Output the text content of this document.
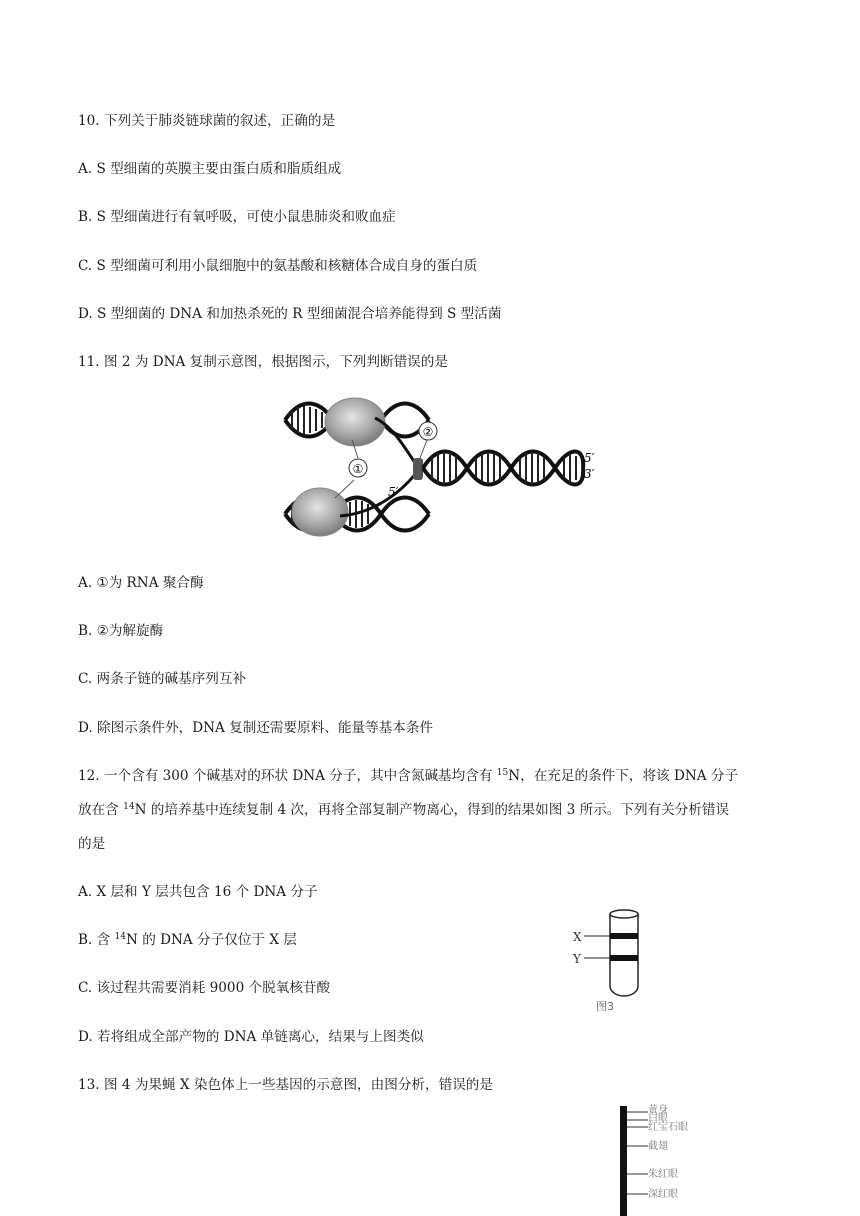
10. 下列关于肺炎链球菌的叙述，正确的是

A. S 型细菌的英膜主要由蛋白质和脂质组成

B. S 型细菌进行有氧呼吸，可使小鼠患肺炎和败血症

C. S 型细菌可利用小鼠细胞中的氨基酸和核糖体合成自身的蛋白质

D. S 型细菌的 DNA 和加热杀死的 R 型细菌混合培养能得到 S 型活菌

11. 图 2 为 DNA 复制示意图，根据图示，下列判断错误的是

①
②
5′
3′
5′

A. ①为 RNA 聚合酶

B. ②为解旋酶

C. 两条子链的碱基序列互补

D. 除图示条件外，DNA 复制还需要原料、能量等基本条件

12. 一个含有 300 个碱基对的环状 DNA 分子，其中含氮碱基均含有 $^{15}$N，在充足的条件下，将该 DNA 分子

放在含 $^{14}$N 的培养基中连续复制 4 次，再将全部复制产物离心，得到的结果如图 3 所示。下列有关分析错误

的是

A. X 层和 Y 层共包含 16 个 DNA 分子

B. 含 $^{14}$N 的 DNA 分子仅位于 X 层

C. 该过程共需要消耗 9000 个脱氧核苷酸

D. 若将组成全部产物的 DNA 单链离心，结果与上图类似

X
Y
图3

13. 图 4 为果蝇 X 染色体上一些基因的示意图，由图分析，错误的是

黄身
白眼
红宝石眼
截翅
朱红眼
深红眼
